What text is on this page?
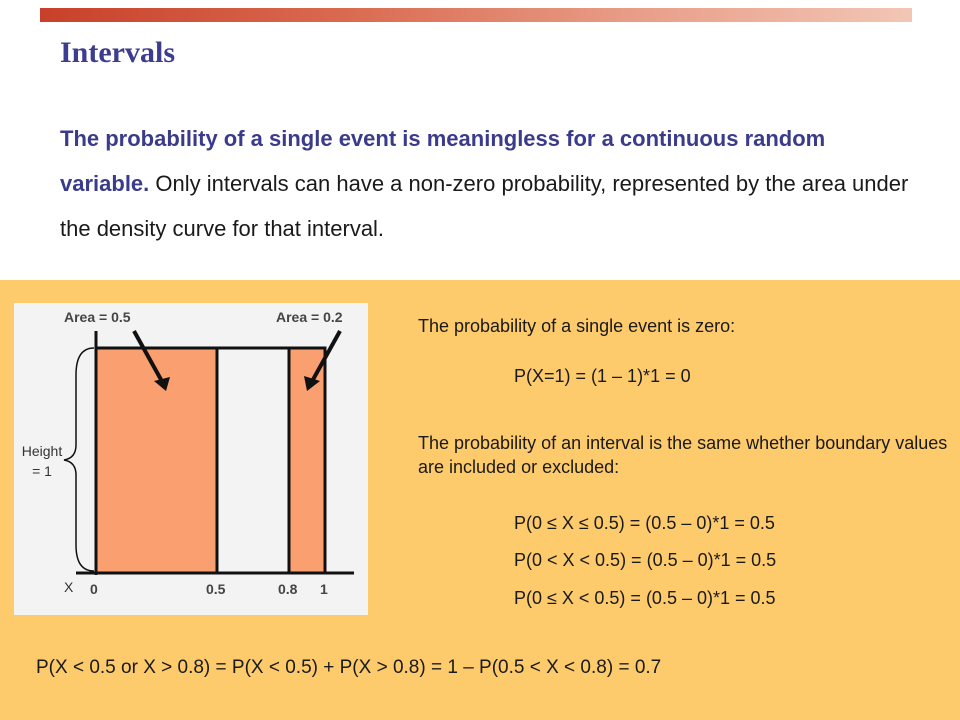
Intervals
The probability of a single event is meaningless for a continuous random variable. Only intervals can have a non-zero probability, represented by the area under the density curve for that interval.
Area = 0.5	Area = 0.2
0	0.5	0.8 1
Height
= 1
X
The probability of a single event is zero:
P(X=1) = (1 – 1)*1 = 0
The probability of an interval is the same whether boundary values are included or excluded:
P(0 ≤ X ≤ 0.5) = (0.5 – 0)*1 = 0.5
P(0 < X < 0.5) = (0.5 – 0)*1 = 0.5
P(0 ≤ X < 0.5) = (0.5 – 0)*1 = 0.5
P(X < 0.5 or X > 0.8) = P(X < 0.5) + P(X > 0.8) = 1 – P(0.5 < X < 0.8) = 0.7
